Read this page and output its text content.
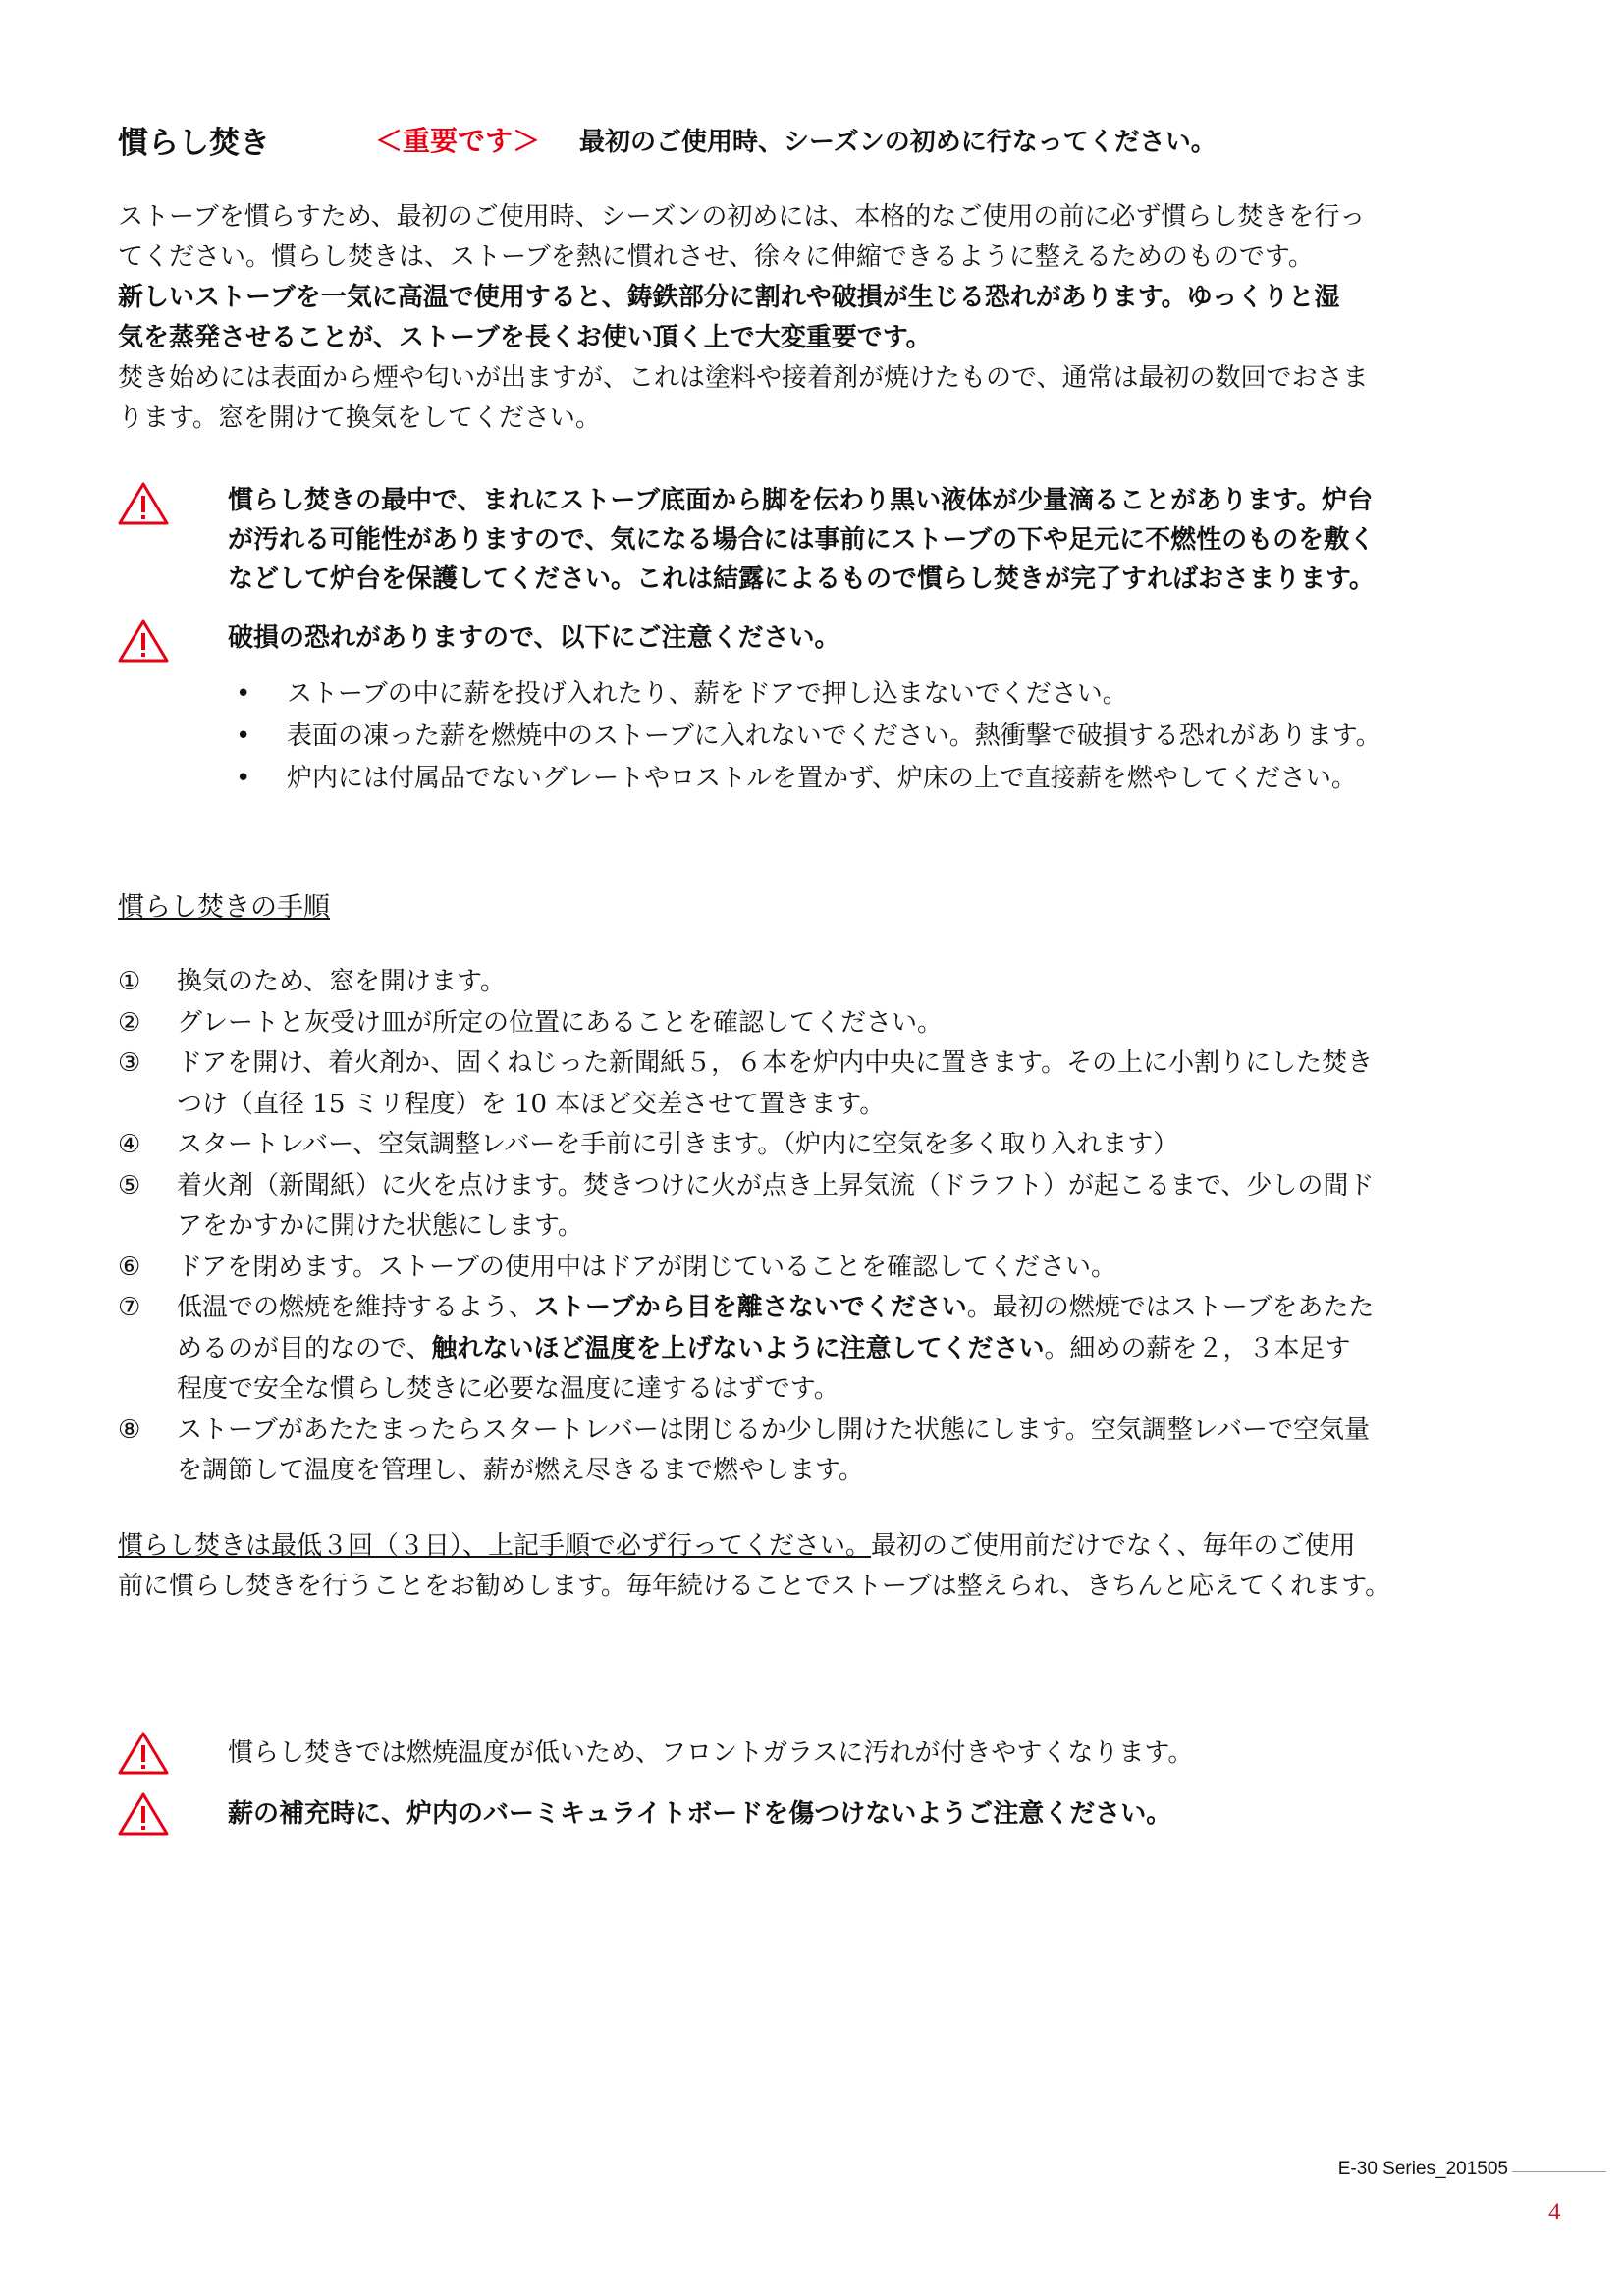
慣らし焚き	＜重要です＞ 最初のご使用時、シーズンの初めに行なってください。
ストーブを慣らすため、最初のご使用時、シーズンの初めには、本格的なご使用の前に必ず慣らし焚きを行っ
てください。慣らし焚きは、ストーブを熱に慣れさせ、徐々に伸縮できるように整えるためのものです。
新しいストーブを一気に高温で使用すると、鋳鉄部分に割れや破損が生じる恐れがあります。ゆっくりと湿
気を蒸発させることが、ストーブを長くお使い頂く上で大変重要です。
焚き始めには表面から煙や匂いが出ますが、これは塗料や接着剤が焼けたもので、通常は最初の数回でおさま
ります。窓を開けて換気をしてください。
慣らし焚きの最中で、まれにストーブ底面から脚を伝わり黒い液体が少量滴ることがあります。炉台
が汚れる可能性がありますので、気になる場合には事前にストーブの下や足元に不燃性のものを敷く
などして炉台を保護してください。これは結露によるもので慣らし焚きが完了すればおさまります。
破損の恐れがありますので、以下にご注意ください。
• ストーブの中に薪を投げ入れたり、薪をドアで押し込まないでください。
• 表面の凍った薪を燃焼中のストーブに入れないでください。熱衝撃で破損する恐れがあります。
• 炉内には付属品でないグレートやロストルを置かず、炉床の上で直接薪を燃やしてください。
慣らし焚きの手順
① 換気のため、窓を開けます。
② グレートと灰受け皿が所定の位置にあることを確認してください。
③ ドアを開け、着火剤か、固くねじった新聞紙５，６本を炉内中央に置きます。その上に小割りにした焚き
つけ（直径 15 ミリ程度）を 10 本ほど交差させて置きます。
④ スタートレバー、空気調整レバーを手前に引きます。（炉内に空気を多く取り入れます）
⑤ 着火剤（新聞紙）に火を点けます。焚きつけに火が点き上昇気流（ドラフト）が起こるまで、少しの間ド
アをかすかに開けた状態にします。
⑥ ドアを閉めます。ストーブの使用中はドアが閉じていることを確認してください。
⑦ 低温での燃焼を維持するよう、ストーブから目を離さないでください。最初の燃焼ではストーブをあたた
めるのが目的なので、触れないほど温度を上げないように注意してください。細めの薪を２，３本足す
程度で安全な慣らし焚きに必要な温度に達するはずです。
⑧ ストーブがあたたまったらスタートレバーは閉じるか少し開けた状態にします。空気調整レバーで空気量
を調節して温度を管理し、薪が燃え尽きるまで燃やします。
慣らし焚きは最低３回（３日）、上記手順で必ず行ってください。最初のご使用前だけでなく、毎年のご使用
前に慣らし焚きを行うことをお勧めします。毎年続けることでストーブは整えられ、きちんと応えてくれます。
慣らし焚きでは燃焼温度が低いため、フロントガラスに汚れが付きやすくなります。
薪の補充時に、炉内のバーミキュライトボードを傷つけないようご注意ください。
E-30 Series_201505
4
